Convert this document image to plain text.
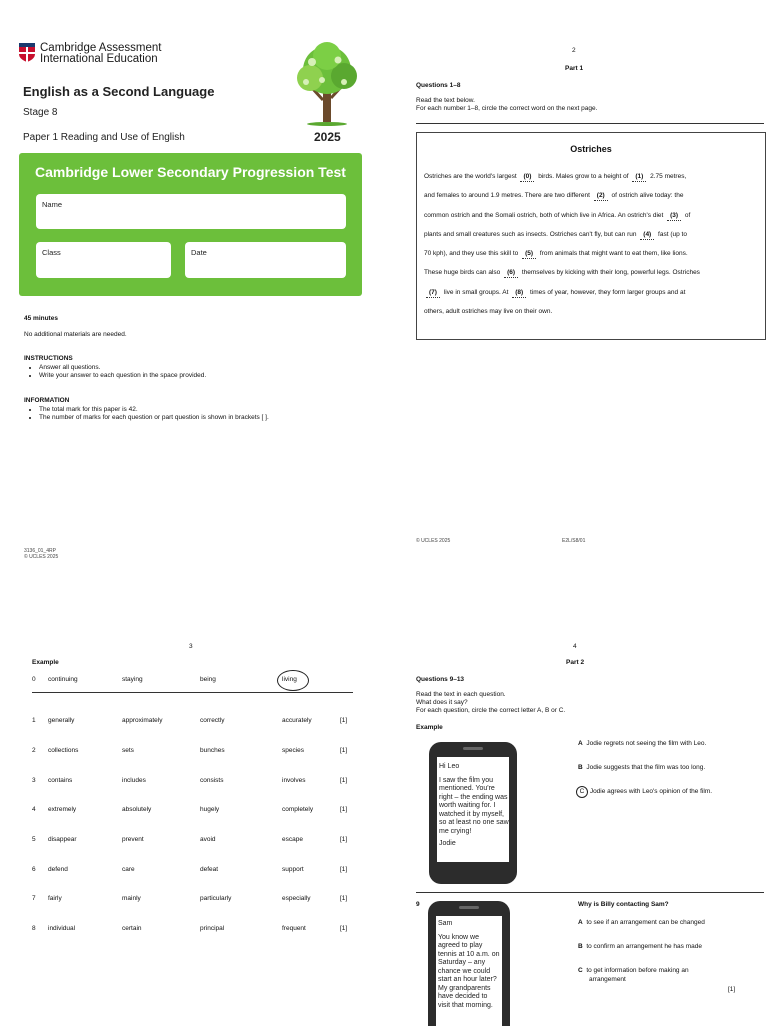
Cambridge Assessment
International Education
English as a Second Language
Stage 8
Paper 1 Reading and Use of English	2025
Cambridge Lower Secondary Progression Test
Name
Class	Date
45 minutes
No additional materials are needed.
INSTRUCTIONS
• Answer all questions.
• Write your answer to each question in the space provided.
INFORMATION
• The total mark for this paper is 42.
• The number of marks for each question or part question is shown in brackets [ ].
3136_01_4RP
© UCLES 2025
2
Part 1
Questions 1–8
Read the text below.
For each number 1–8, circle the correct word on the next page.
Ostriches
Ostriches are the world's largest (0) birds. Males grow to a height of (1) 2.75 metres,
and females to around 1.9 metres. There are two different (2) of ostrich alive today: the
common ostrich and the Somali ostrich, both of which live in Africa. An ostrich's diet (3) of
plants and small creatures such as insects. Ostriches can't fly, but can run (4) fast (up to
70 kph), and they use this skill to (5) from animals that might want to eat them, like lions.
These huge birds can also (6) themselves by kicking with their long, powerful legs. Ostriches
(7) live in small groups. At (8) times of year, however, they form larger groups and at
others, adult ostriches may live on their own.
© UCLES 2025	E2L/S8/01
3
Example
0 continuing	staying	being	living
1 generally	approximately	correctly	accurately	[1]
2 collections	sets	bunches	species	[1]
3 contains	includes	consists	involves	[1]
4 extremely	absolutely	hugely	completely	[1]
5 disappear	prevent	avoid	escape	[1]
6 defend	care	defeat	support	[1]
7 fairly	mainly	particularly	especially	[1]
8 individual	certain	principal	frequent	[1]
4
Part 2
Questions 9–13
Read the text in each question.
What does it say?
For each question, circle the correct letter A, B or C.
Example
Hi Leo
I saw the film you
mentioned. You're
right – the ending was
worth waiting for. I
watched it by myself,
so at least no one saw
me crying!
Jodie
A Jodie regrets not seeing the film with Leo.
B Jodie suggests that the film was too long.
C Jodie agrees with Leo's opinion of the film.
9
Sam
You know we
agreed to play
tennis at 10 a.m. on
Saturday – any
chance we could
start an hour later?
My grandparents
have decided to
visit that morning.
Why is Billy contacting Sam?
A to see if an arrangement can be changed
B to confirm an arrangement he has made
C to get information before making an
arrangement
[1]
